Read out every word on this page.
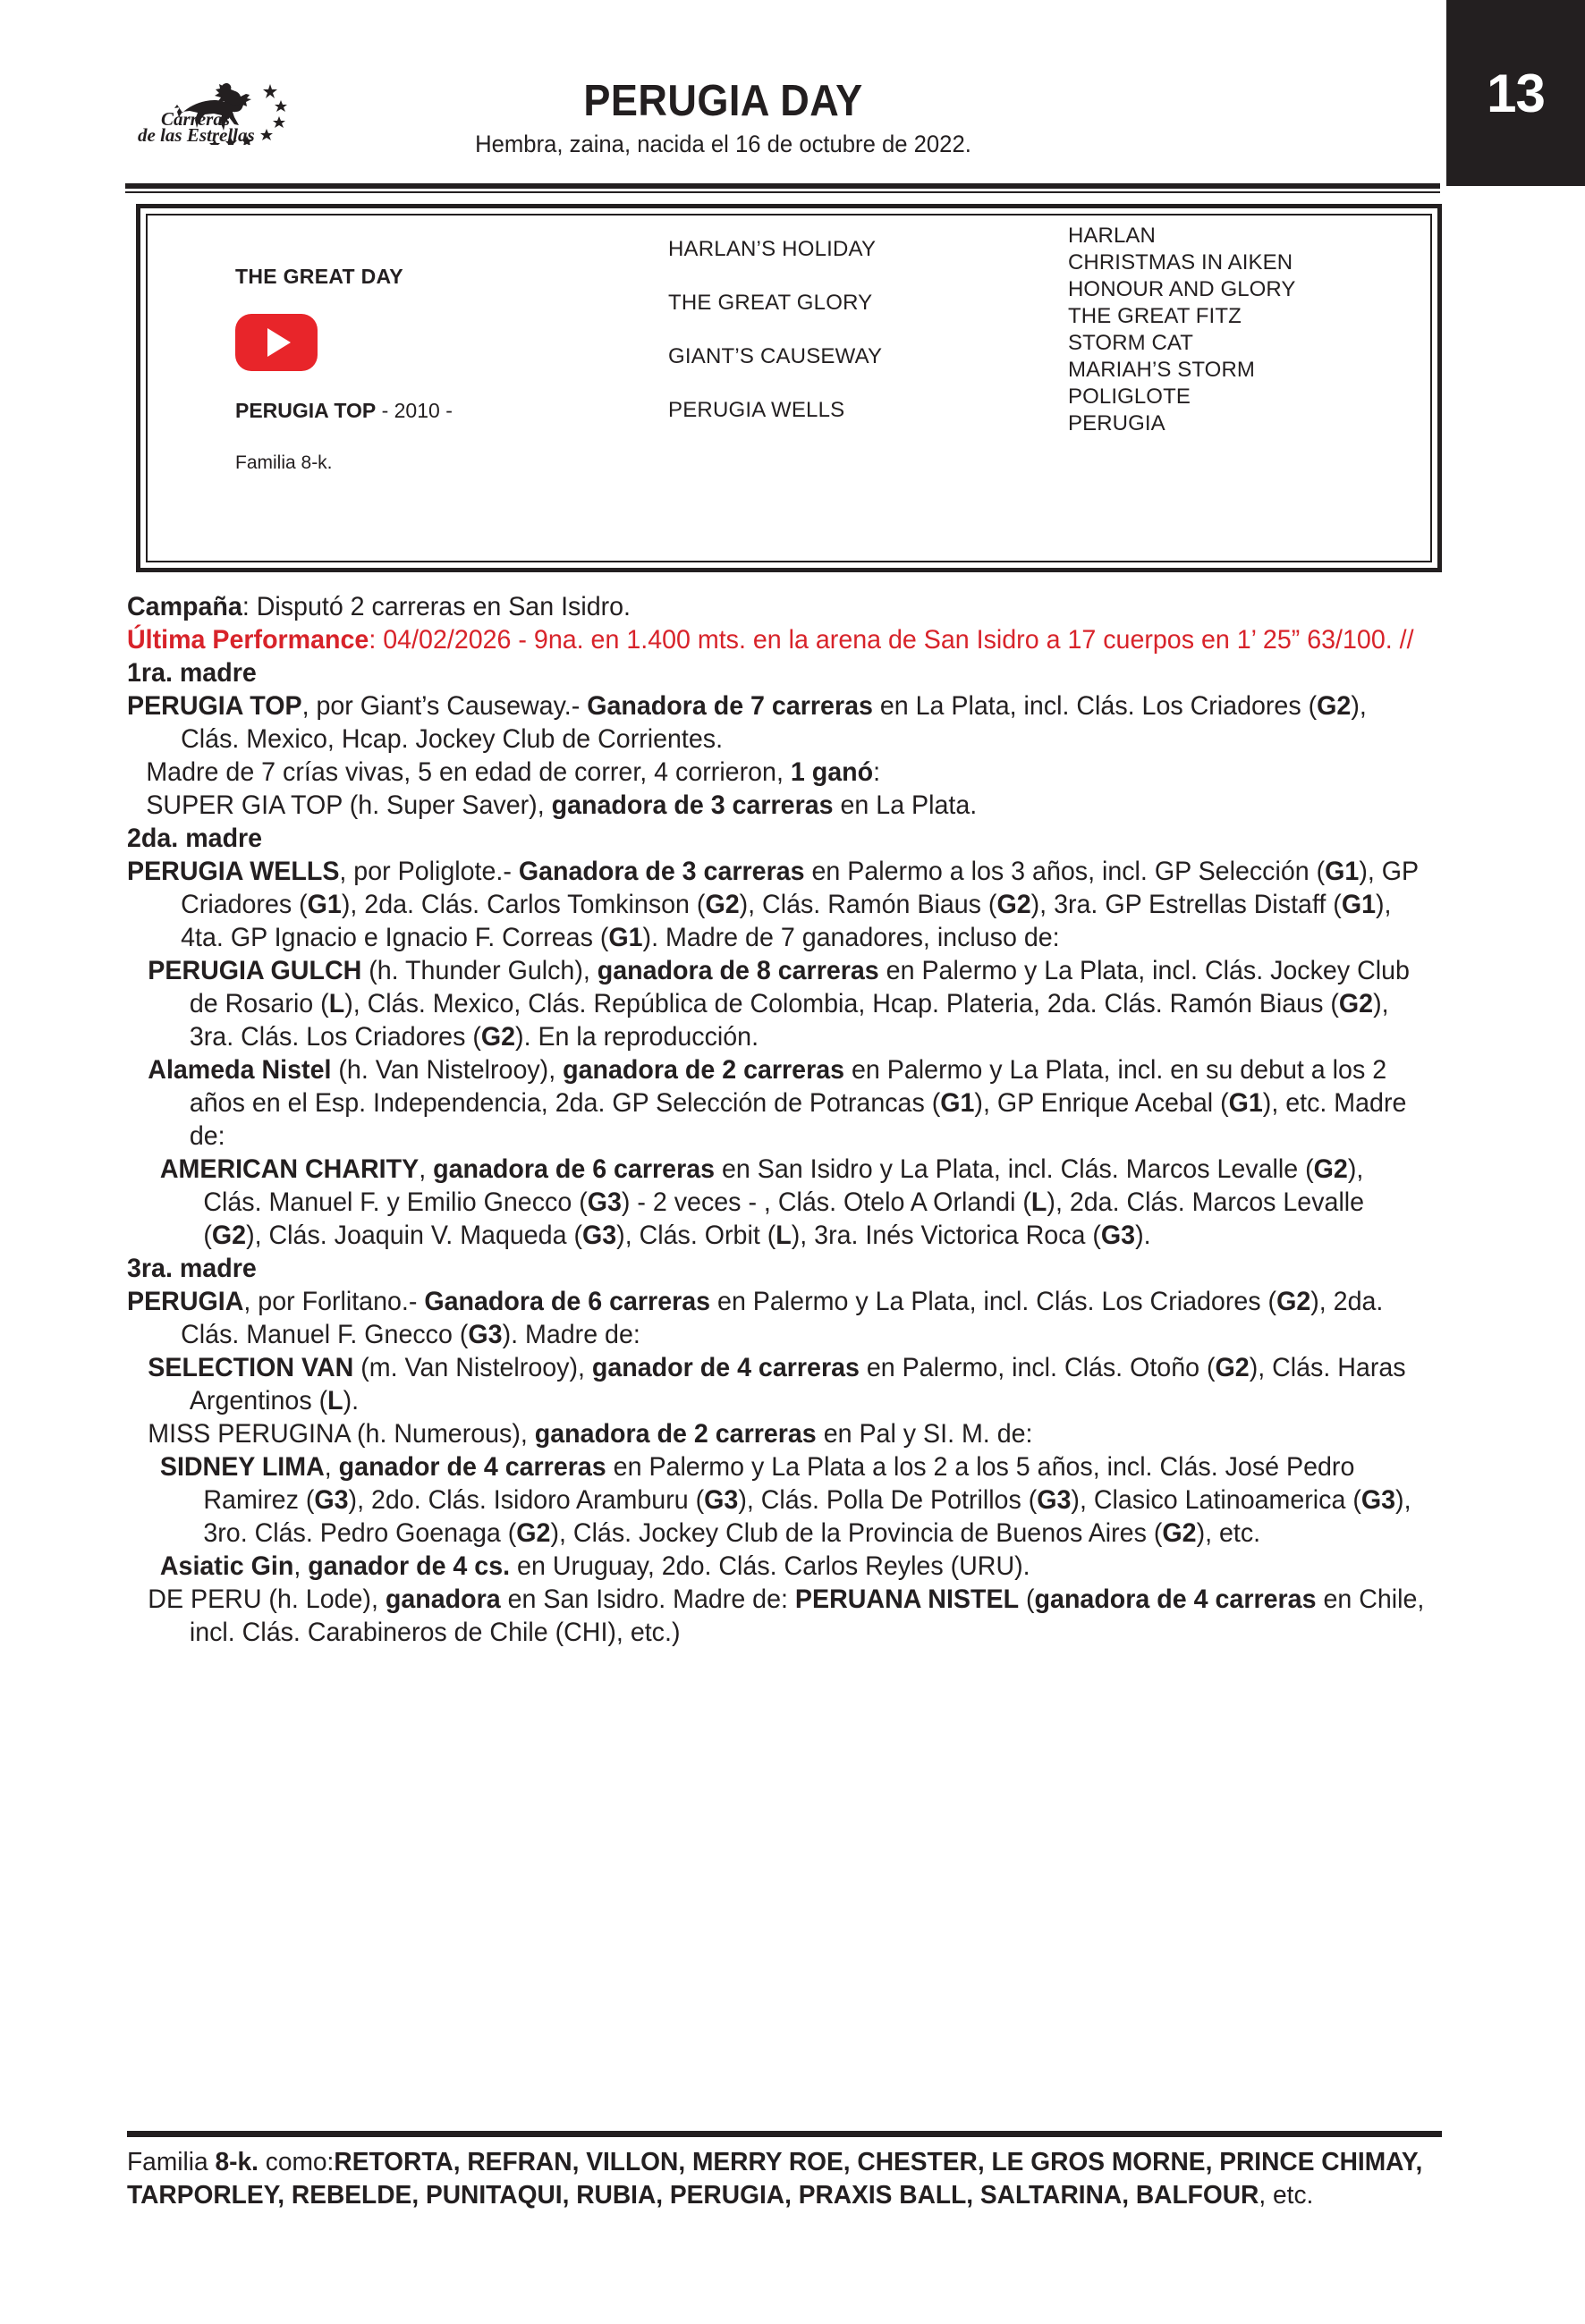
13
Carreras
de las Estrellas
PERUGIA DAY
Hembra, zaina, nacida el 16 de octubre de 2022.
THE GREAT DAY
PERUGIA TOP - 2010 -
Familia 8-k.
HARLAN’S HOLIDAY
THE GREAT GLORY
GIANT’S CAUSEWAY
PERUGIA WELLS
HARLAN
CHRISTMAS IN AIKEN
HONOUR AND GLORY
THE GREAT FITZ
STORM CAT
MARIAH’S STORM
POLIGLOTE
PERUGIA

Campaña: Disputó 2 carreras en San Isidro.

Última Performance: 04/02/2026 - 9na. en 1.400 mts. en la arena de San Isidro a 17 cuerpos en 1’ 25” 63/100. //

1ra. madre

PERUGIA TOP, por Giant’s Causeway.- Ganadora de 7 carreras en La Plata, incl. Clás. Los Criadores (G2), Clás. Mexico, Hcap. Jockey Club de Corrientes.

Madre de 7 crías vivas, 5 en edad de correr, 4 corrieron, 1 ganó:

SUPER GIA TOP (h. Super Saver), ganadora de 3 carreras en La Plata.

2da. madre

PERUGIA WELLS, por Poliglote.- Ganadora de 3 carreras en Palermo a los 3 años, incl. GP Selección (G1), GP Criadores (G1), 2da. Clás. Carlos Tomkinson (G2), Clás. Ramón Biaus (G2), 3ra. GP Estrellas Distaff (G1), 4ta. GP Ignacio e Ignacio F. Correas (G1). Madre de 7 ganadores, incluso de:

PERUGIA GULCH (h. Thunder Gulch), ganadora de 8 carreras en Palermo y La Plata, incl. Clás. Jockey Club de Rosario (L), Clás. Mexico, Clás. República de Colombia, Hcap. Plateria, 2da. Clás. Ramón Biaus (G2), 3ra. Clás. Los Criadores (G2). En la reproducción.

Alameda Nistel (h. Van Nistelrooy), ganadora de 2 carreras en Palermo y La Plata, incl. en su debut a los 2 años en el Esp. Independencia, 2da. GP Selección de Potrancas (G1), GP Enrique Acebal (G1), etc. Madre de:

AMERICAN CHARITY, ganadora de 6 carreras en San Isidro y La Plata, incl. Clás. Marcos Levalle (G2), Clás. Manuel F. y Emilio Gnecco (G3) - 2 veces - , Clás. Otelo A Orlandi (L), 2da. Clás. Marcos Levalle (G2), Clás. Joaquin V. Maqueda (G3), Clás. Orbit (L), 3ra. Inés Victorica Roca (G3).

3ra. madre

PERUGIA, por Forlitano.- Ganadora de 6 carreras en Palermo y La Plata, incl. Clás. Los Criadores (G2), 2da. Clás. Manuel F. Gnecco (G3). Madre de:

SELECTION VAN (m. Van Nistelrooy), ganador de 4 carreras en Palermo, incl. Clás. Otoño (G2), Clás. Haras Argentinos (L).

MISS PERUGINA (h. Numerous), ganadora de 2 carreras en Pal y SI. M. de:

SIDNEY LIMA, ganador de 4 carreras en Palermo y La Plata a los 2 a los 5 años, incl. Clás. José Pedro Ramirez (G3), 2do. Clás. Isidoro Aramburu (G3), Clás. Polla De Potrillos (G3), Clasico Latinoamerica (G3), 3ro. Clás. Pedro Goenaga (G2), Clás. Jockey Club de la Provincia de Buenos Aires (G2), etc.

Asiatic Gin, ganador de 4 cs. en Uruguay, 2do. Clás. Carlos Reyles (URU).

DE PERU (h. Lode), ganadora en San Isidro. Madre de: PERUANA NISTEL (ganadora de 4 carreras en Chile, incl. Clás. Carabineros de Chile (CHI), etc.)

Familia 8-k. como:RETORTA, REFRAN, VILLON, MERRY ROE, CHESTER, LE GROS MORNE, PRINCE CHIMAY, TARPORLEY, REBELDE, PUNITAQUI, RUBIA, PERUGIA, PRAXIS BALL, SALTARINA, BALFOUR, etc.
